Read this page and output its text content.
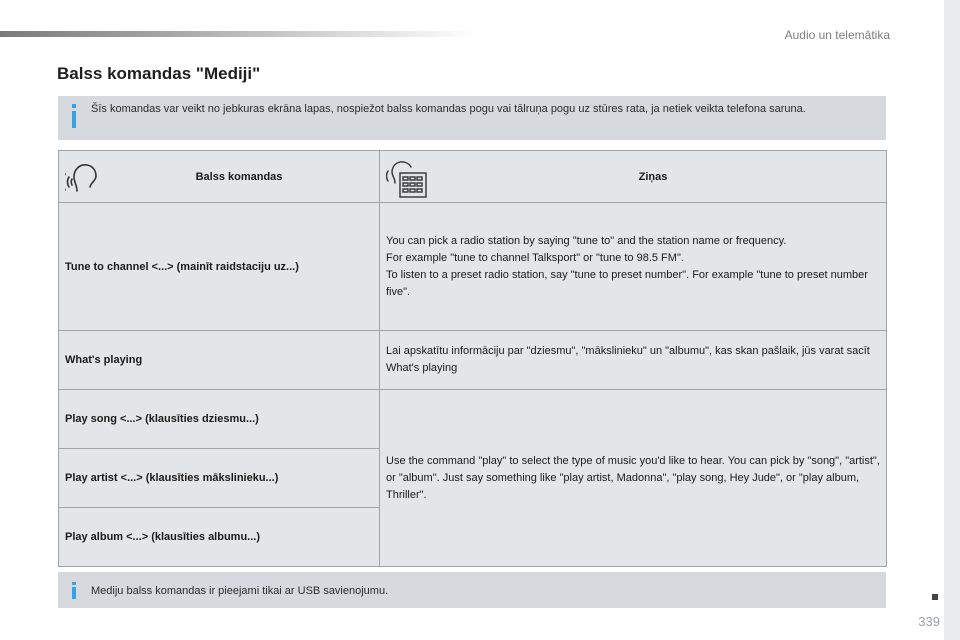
Audio un telemātika
Balss komandas "Mediji"
Šīs komandas var veikt no jebkuras ekrāna lapas, nospiežot balss komandas pogu vai tālruņa pogu uz stūres rata, ja netiek veikta telefona saruna.
Balss komandas	Ziņas

Tune to channel <...> (mainīt raidstaciju uz...)	You can pick a radio station by saying "tune to" and the station name or frequency.
For example "tune to channel Talksport" or "tune to 98.5 FM".
To listen to a preset radio station, say "tune to preset number". For example "tune to preset number five".

What's playing	Lai apskatītu informāciju par "dziesmu", "mākslinieku" un "albumu", kas skan pašlaik, jūs varat sacīt What's playing
Play song <...> (klausīties dziesmu...)	Use the command "play" to select the type of music you'd like to hear. You can pick by "song", "artist", or "album". Just say something like "play artist, Madonna", "play song, Hey Jude", or "play album, Thriller".
Play artist <...> (klausīties mākslinieku...)	
Play album <...> (klausīties albumu...)	
Mediju balss komandas ir pieejami tikai ar USB savienojumu.
339
